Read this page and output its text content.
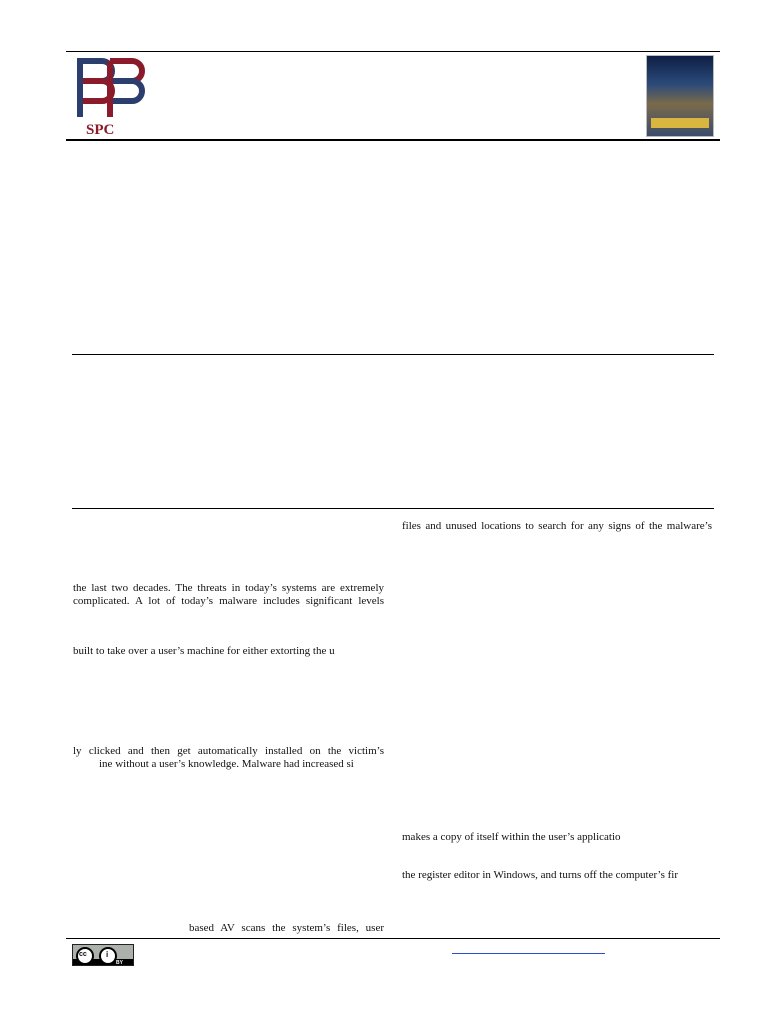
SPC
the last two decades. The threats in today’s systems are extremely
complicated. A lot of today’s malware includes significant levels
built to take over a user’s machine for either extorting the u
ly clicked and then get automatically installed on the victim’s
ine without a user’s knowledge. Malware had increased si
based AV scans the system’s files, user
files and unused locations to search for any signs of the malware’s
makes a copy of itself within the user’s applicatio
the register editor in Windows, and turns off the computer’s fir
cc i
BY
